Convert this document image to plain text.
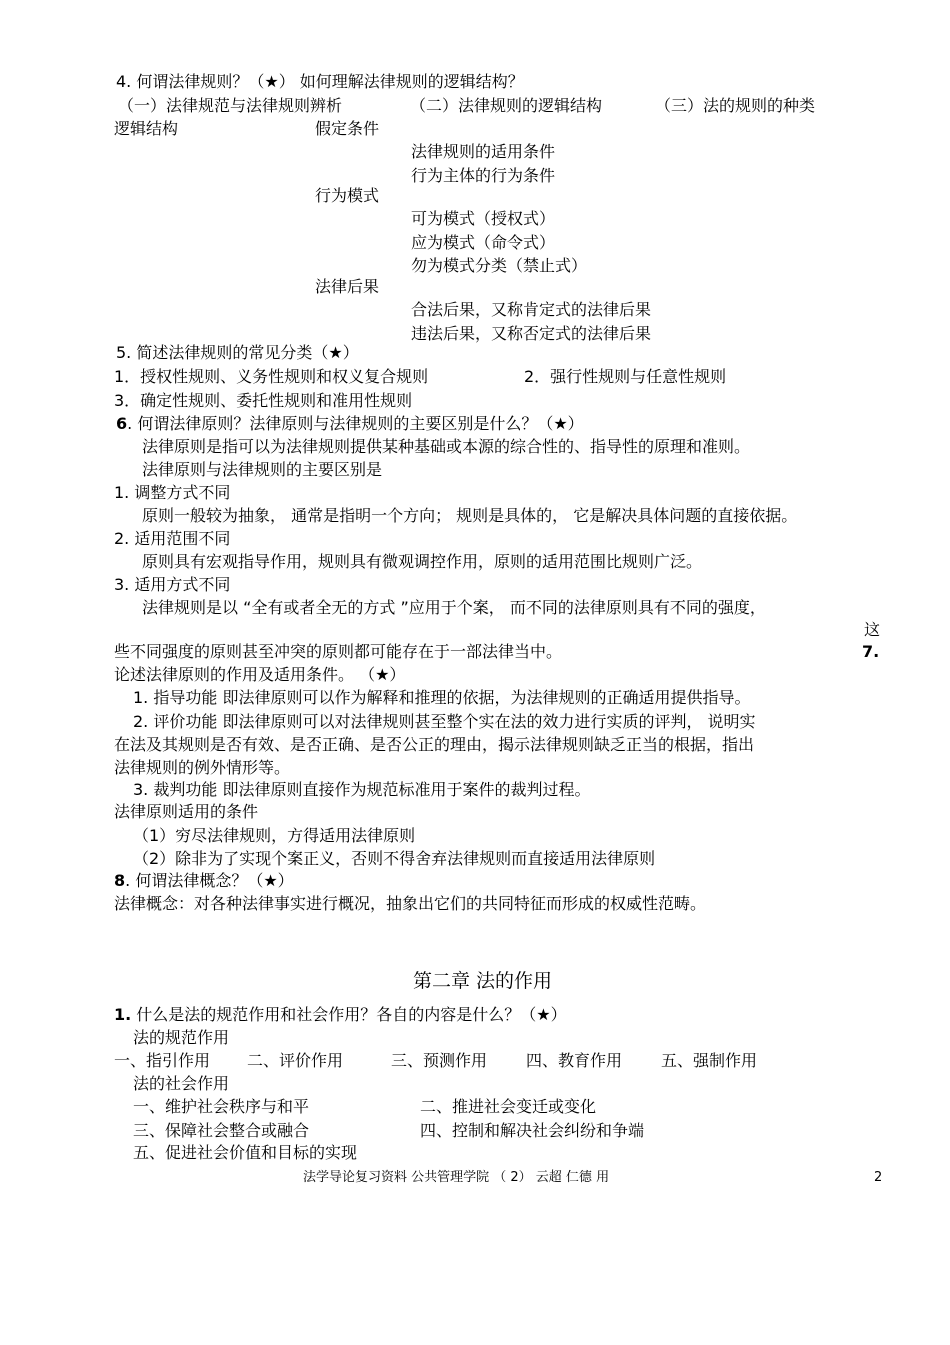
4. 何谓法律规则？（★） 如何理解法律规则的逻辑结构？
（一）法律规范与法律规则辨析	（二）法律规则的逻辑结构	（三）法的规则的种类
逻辑结构	假定条件
法律规则的适用条件
行为主体的行为条件
行为模式
可为模式（授权式）
应为模式（命令式）
勿为模式分类（禁止式）
法律后果
合法后果，又称肯定式的法律后果
违法后果，又称否定式的法律后果
5. 简述法律规则的常见分类（★）
1．授权性规则、义务性规则和权义复合规则	2．强行性规则与任意性规则
3．确定性规则、委托性规则和准用性规则
6. 何谓法律原则？法律原则与法律规则的主要区别是什么？（★）
法律原则是指可以为法律规则提供某种基础或本源的综合性的、指导性的原理和准则。
法律原则与法律规则的主要区别是
1. 调整方式不同
原则一般较为抽象， 通常是指明一个方向； 规则是具体的， 它是解决具体问题的直接依据。
2. 适用范围不同
原则具有宏观指导作用，规则具有微观调控作用，原则的适用范围比规则广泛。
3. 适用方式不同
法律规则是以 “全有或者全无的方式 ”应用于个案， 而不同的法律原则具有不同的强度，
这
些不同强度的原则甚至冲突的原则都可能存在于一部法律当中。	7.
论述法律原则的作用及适用条件。 （★）
1. 指导功能 即法律原则可以作为解释和推理的依据，为法律规则的正确适用提供指导。
2. 评价功能 即法律原则可以对法律规则甚至整个实在法的效力进行实质的评判， 说明实
在法及其规则是否有效、是否正确、是否公正的理由，揭示法律规则缺乏正当的根据，指出
法律规则的例外情形等。
3. 裁判功能 即法律原则直接作为规范标准用于案件的裁判过程。
法律原则适用的条件
（1）穷尽法律规则，方得适用法律原则
（2）除非为了实现个案正义，否则不得舍弃法律规则而直接适用法律原则
8. 何谓法律概念？（★）
法律概念：对各种法律事实进行概况，抽象出它们的共同特征而形成的权威性范畴。
第二章 法的作用
1. 什么是法的规范作用和社会作用？各自的内容是什么？（★）
法的规范作用
一、指引作用 二、评价作用	三、预测作用 四、教育作用 五、强制作用
法的社会作用
一、维护社会秩序与和平	二、推进社会变迁或变化
三、保障社会整合或融合	四、控制和解决社会纠纷和争端
五、促进社会价值和目标的实现
法学导论复习资料 公共管理学院 （ 2） 云超 仁德 用	2
